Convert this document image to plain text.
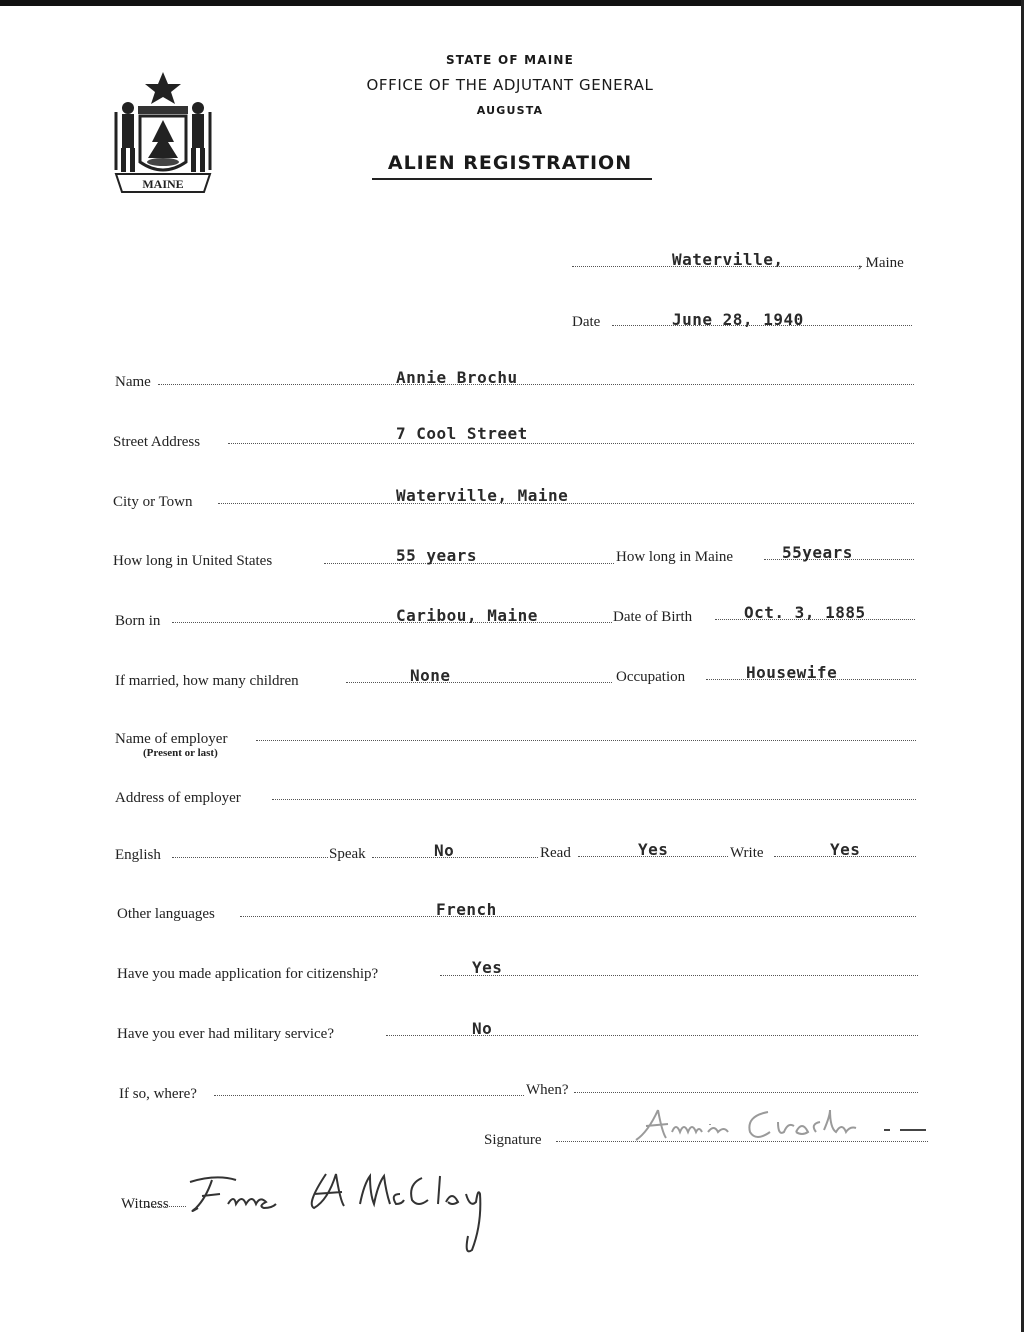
MAINE
STATE OF MAINE
OFFICE OF THE ADJUTANT GENERAL
AUGUSTA
ALIEN REGISTRATION
Waterville,	, Maine
Date	June 28, 1940
Name	Annie Brochu
Street Address	7 Cool Street
City or Town	Waterville, Maine
How long in United States	55 years	How long in Maine	55years
Born in	Caribou, Maine	Date of Birth	Oct. 3, 1885
If married, how many children	None	Occupation	Housewife
Name of employer
(Present or last)
Address of employer
English	Speak	No	Read	Yes	Write	Yes
Other languages	French
Have you made application for citizenship?	Yes
Have you ever had military service?	No
If so, where?	When?
Signature
Witness
